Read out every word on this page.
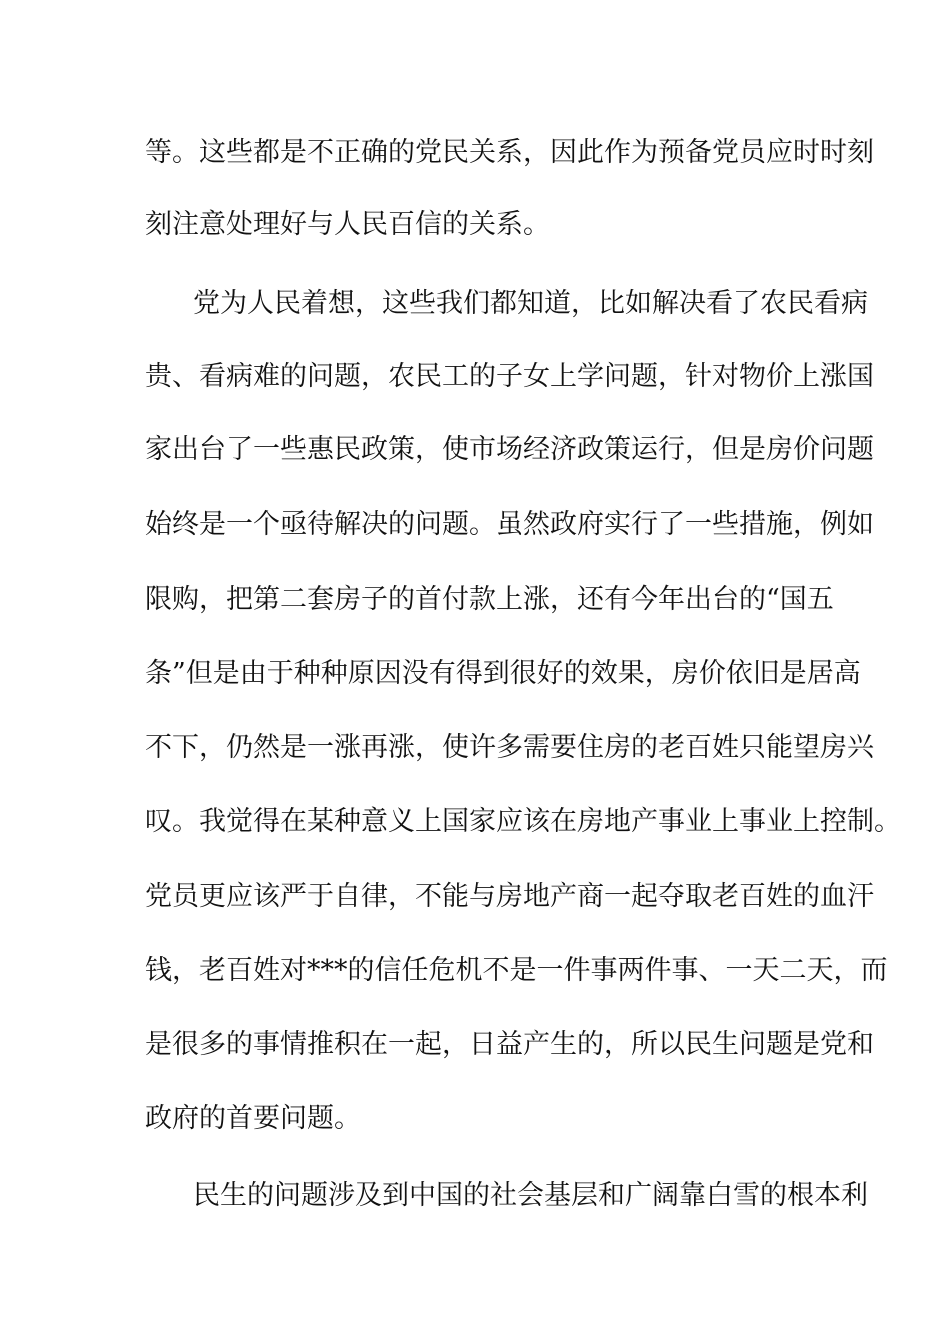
等。这些都是不正确的党民关系，因此作为预备党员应时时刻
刻注意处理好与人民百信的关系。
党为人民着想，这些我们都知道，比如解决看了农民看病
贵、看病难的问题，农民工的子女上学问题，针对物价上涨国
家出台了一些惠民政策，使市场经济政策运行，但是房价问题
始终是一个亟待解决的问题。虽然政府实行了一些措施，例如
限购，把第二套房子的首付款上涨，还有今年出台的“国五
条”但是由于种种原因没有得到很好的效果，房价依旧是居高
不下，仍然是一涨再涨，使许多需要住房的老百姓只能望房兴
叹。我觉得在某种意义上国家应该在房地产事业上事业上控制。
党员更应该严于自律，不能与房地产商一起夺取老百姓的血汗
钱，老百姓对***的信任危机不是一件事两件事、一天二天，而
是很多的事情推积在一起，日益产生的，所以民生问题是党和
政府的首要问题。
民生的问题涉及到中国的社会基层和广阔靠白雪的根本利
